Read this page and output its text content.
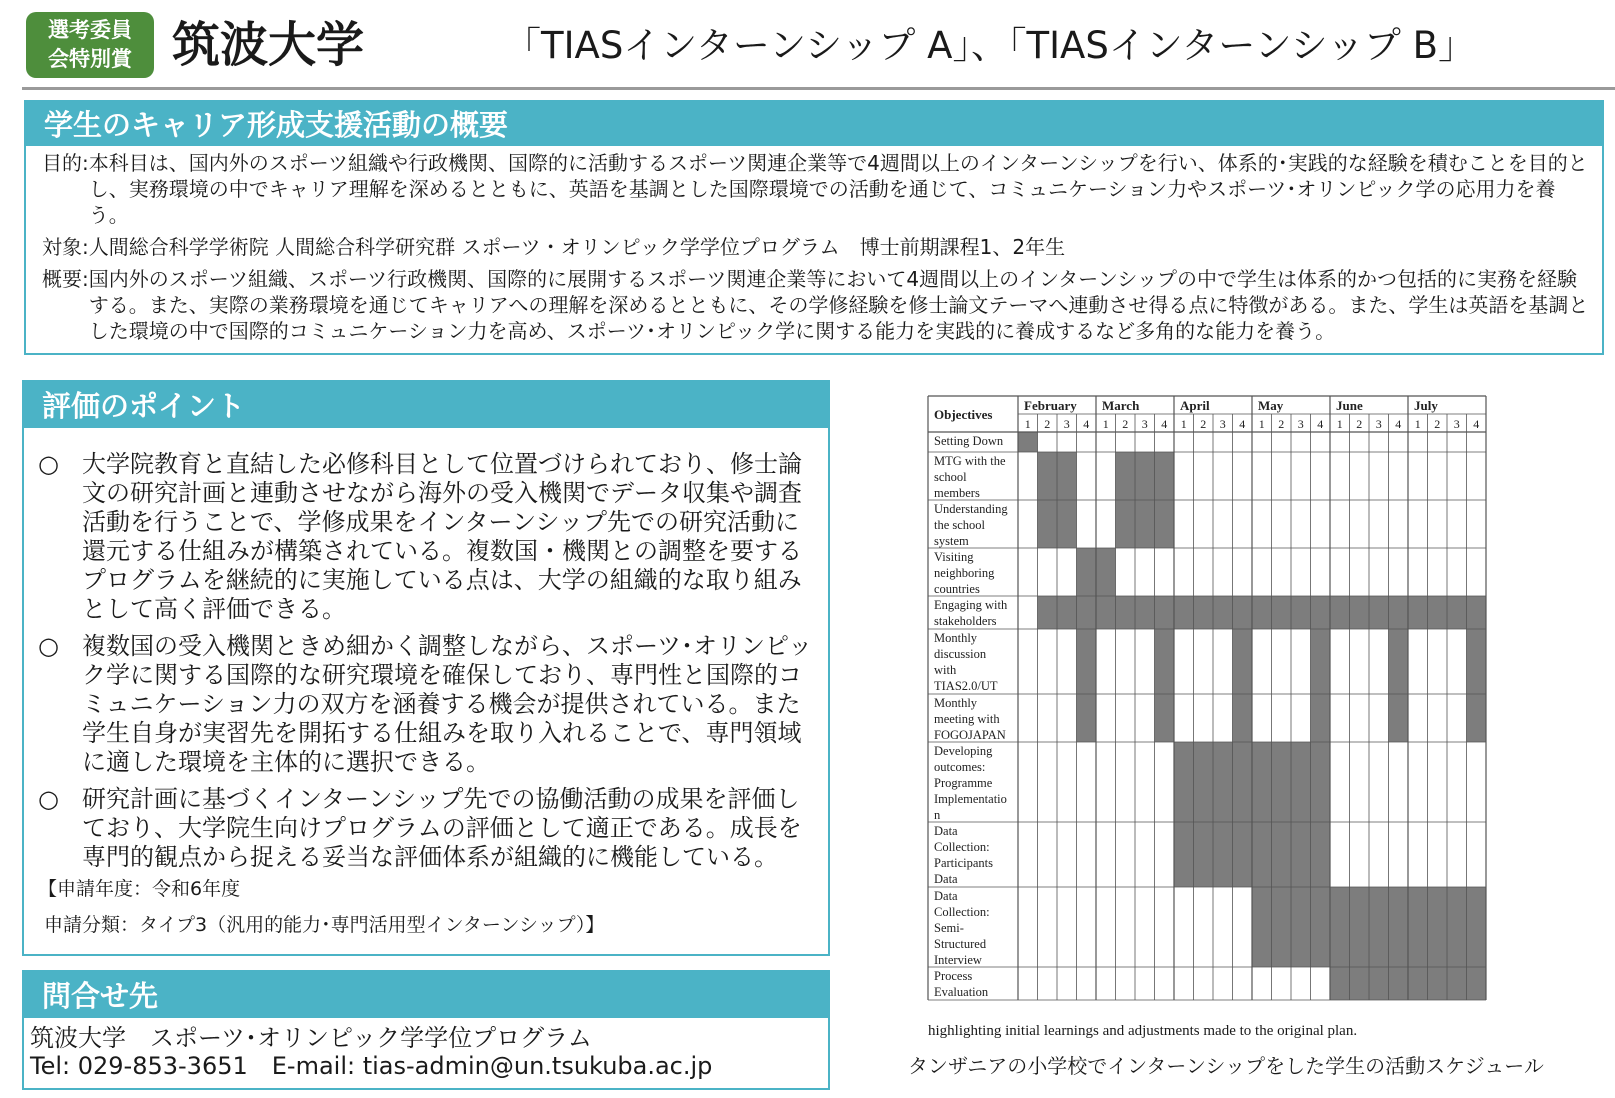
選考委員
会特別賞 筑波大学	「TIASインターンシップ A」、「TIASインターンシップ B」
学生のキャリア形成支援活動の概要
目的: 本科目は、国内外のスポーツ組織や行政機関、国際的に活動するスポーツ関連企業等で4週間以上のインターンシップを行い、体系的･実践的な経験を積むことを目的とし、実務環境の中でキャリア理解を深めるとともに、英語を基調とした国際環境での活動を通じて、コミュニケーション力やスポーツ･オリンピック学の応用力を養う。
対象: 人間総合科学学術院 人間総合科学研究群 スポーツ・オリンピック学学位プログラム　博士前期課程1、2年生
概要: 国内外のスポーツ組織、スポーツ行政機関、国際的に展開するスポーツ関連企業等において4週間以上のインターンシップの中で学生は体系的かつ包括的に実務を経験する。また、実際の業務環境を通じてキャリアへの理解を深めるとともに、その学修経験を修士論文テーマへ連動させ得る点に特徴がある。また、学生は英語を基調とした環境の中で国際的コミュニケーション力を高め、スポーツ･オリンピック学に関する能力を実践的に養成するなど多角的な能力を養う。
評価のポイント
○ 大学院教育と直結した必修科目として位置づけられており、修士論文の研究計画と連動させながら海外の受入機関でデータ収集や調査活動を行うことで、学修成果をインターンシップ先での研究活動に還元する仕組みが構築されている。複数国・機関との調整を要するプログラムを継続的に実施している点は、大学の組織的な取り組みとして高く評価できる。
○ 複数国の受入機関ときめ細かく調整しながら、スポーツ･オリンピック学に関する国際的な研究環境を確保しており、専門性と国際的コミュニケーション力の双方を涵養する機会が提供されている。また学生自身が実習先を開拓する仕組みを取り入れることで、専門領域に適した環境を主体的に選択できる。
○ 研究計画に基づくインターンシップ先での協働活動の成果を評価しており、大学院生向けプログラムの評価として適正である。成長を専門的観点から捉える妥当な評価体系が組織的に機能している。
【申請年度：令和6年度
申請分類：タイプ3（汎用的能力･専門活用型インターンシップ）】
問合せ先
筑波大学　スポーツ･オリンピック学学位プログラム
Tel: 029-853-3651　E-mail: tias-admin@un.tsukuba.ac.jp
Objectives
February
1 2 3 4
March
1 2 3 4
April
1 2 3 4
May
1 2 3 4
June
1 2 3 4
July
1 2 3 4
Setting Down
MTG with the
school
members
Understanding
the school
system
Visiting
neighboring
countries
Engaging with
stakeholders
Monthly
discussion
with
TIAS2.0/UT
Monthly
meeting with
FOGOJAPAN
Developing
outcomes:
Programme
Implementatio
n
Data
Collection:
Participants
Data
Data
Collection:
Semi-
Structured
Interview
Process
Evaluation
highlighting initial learnings and adjustments made to the original plan.
タンザニアの小学校でインターンシップをした学生の活動スケジュール
